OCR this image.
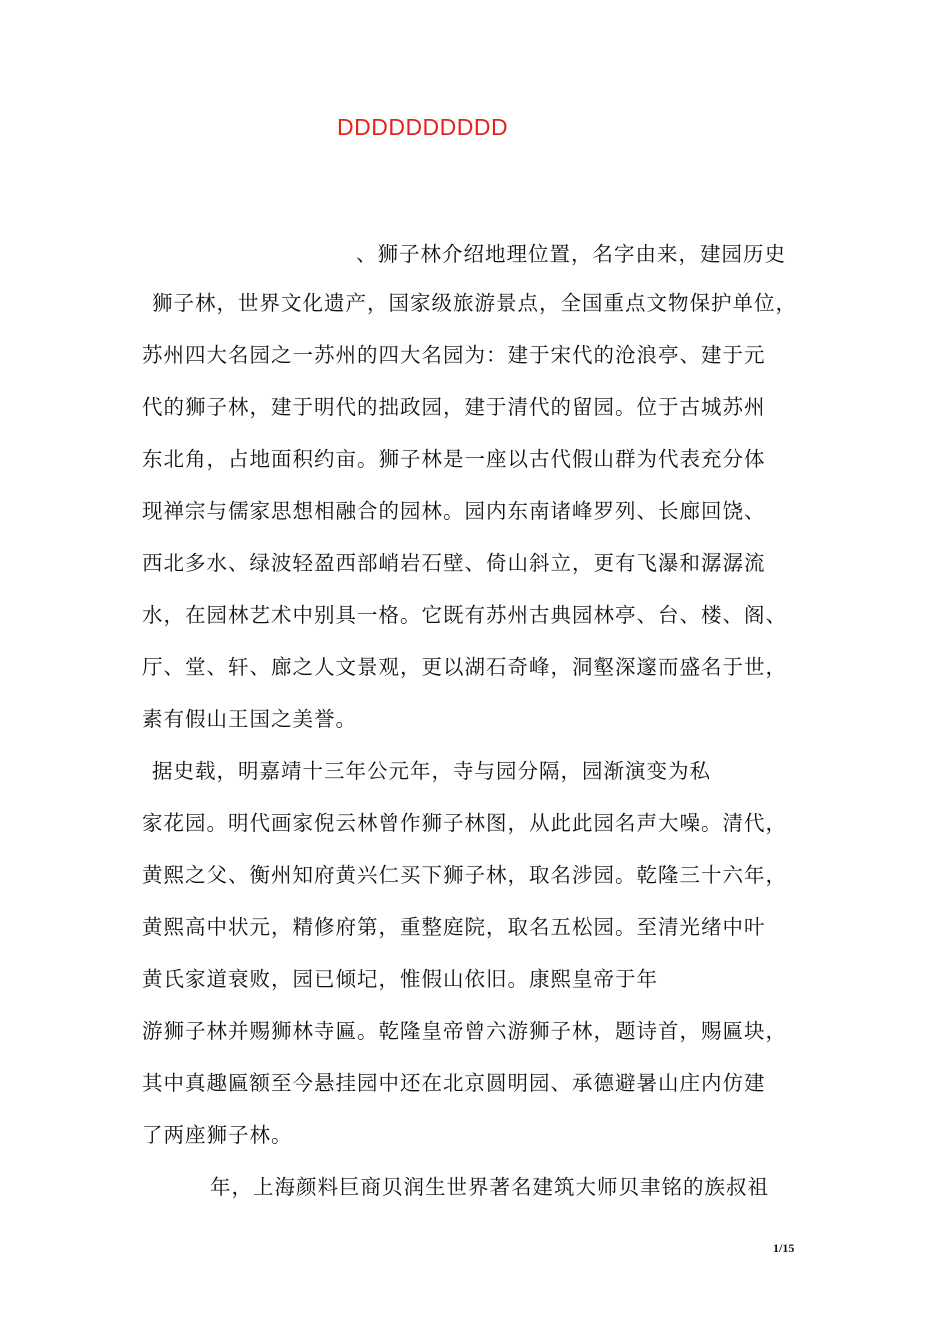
DDDDDDDDDD
、狮子林介绍地理位置，名字由来，建园历史
狮子林，世界文化遗产，国家级旅游景点，全国重点文物保护单位，
苏州四大名园之一苏州的四大名园为：建于宋代的沧浪亭、建于元
代的狮子林，建于明代的拙政园，建于清代的留园。位于古城苏州
东北角，占地面积约亩。狮子林是一座以古代假山群为代表充分体
现禅宗与儒家思想相融合的园林。园内东南诸峰罗列、长廊回饶、
西北多水、绿波轻盈西部峭岩石壁、倚山斜立，更有飞瀑和潺潺流
水，在园林艺术中别具一格。它既有苏州古典园林亭、台、楼、阁、
厅、堂、轩、廊之人文景观，更以湖石奇峰，洞壑深邃而盛名于世，
素有假山王国之美誉。
据史载，明嘉靖十三年公元年，寺与园分隔，园渐演变为私
家花园。明代画家倪云林曾作狮子林图，从此此园名声大噪。清代，
黄熙之父、衡州知府黄兴仁买下狮子林，取名涉园。乾隆三十六年，
黄熙高中状元，精修府第，重整庭院，取名五松园。至清光绪中叶
黄氏家道衰败，园已倾圮，惟假山依旧。康熙皇帝于年
游狮子林并赐狮林寺匾。乾隆皇帝曾六游狮子林，题诗首，赐匾块，
其中真趣匾额至今悬挂园中还在北京圆明园、承德避暑山庄内仿建
了两座狮子林。
年，上海颜料巨商贝润生世界著名建筑大师贝聿铭的族叔祖
1/15
